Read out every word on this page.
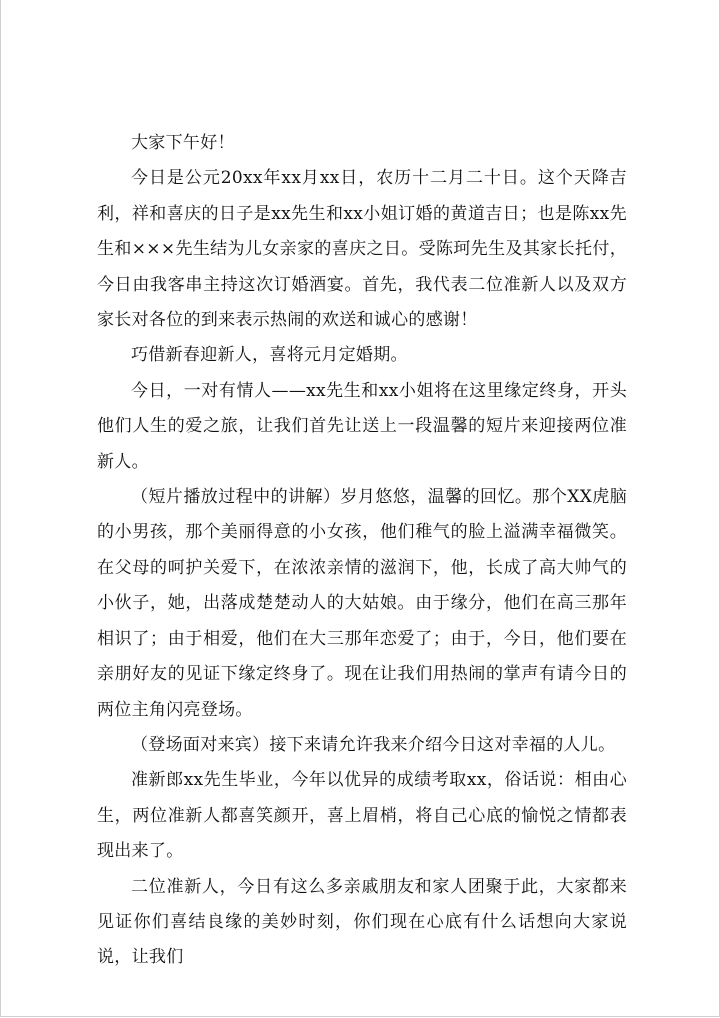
大家下午好！

今日是公元20xx年xx月xx日，农历十二月二十日。这个天降吉利，祥和喜庆的日子是xx先生和xx小姐订婚的黄道吉日；也是陈xx先生和×××先生结为儿女亲家的喜庆之日。受陈珂先生及其家长托付，今日由我客串主持这次订婚酒宴。首先，我代表二位准新人以及双方家长对各位的到来表示热闹的欢送和诚心的感谢！

巧借新春迎新人，喜将元月定婚期。

今日，一对有情人——xx先生和xx小姐将在这里缘定终身，开头他们人生的爱之旅，让我们首先让送上一段温馨的短片来迎接两位准新人。

（短片播放过程中的讲解）岁月悠悠，温馨的回忆。那个XX虎脑的小男孩，那个美丽得意的小女孩，他们稚气的脸上溢满幸福微笑。在父母的呵护关爱下，在浓浓亲情的滋润下，他，长成了高大帅气的小伙子，她，出落成楚楚动人的大姑娘。由于缘分，他们在高三那年相识了；由于相爱，他们在大三那年恋爱了；由于，今日，他们要在亲朋好友的见证下缘定终身了。现在让我们用热闹的掌声有请今日的两位主角闪亮登场。

（登场面对来宾）接下来请允许我来介绍今日这对幸福的人儿。

准新郎xx先生毕业，今年以优异的成绩考取xx，俗话说：相由心生，两位准新人都喜笑颜开，喜上眉梢，将自己心底的愉悦之情都表现出来了。

二位准新人，今日有这么多亲戚朋友和家人团聚于此，大家都来见证你们喜结良缘的美妙时刻，你们现在心底有什么话想向大家说说，让我们
